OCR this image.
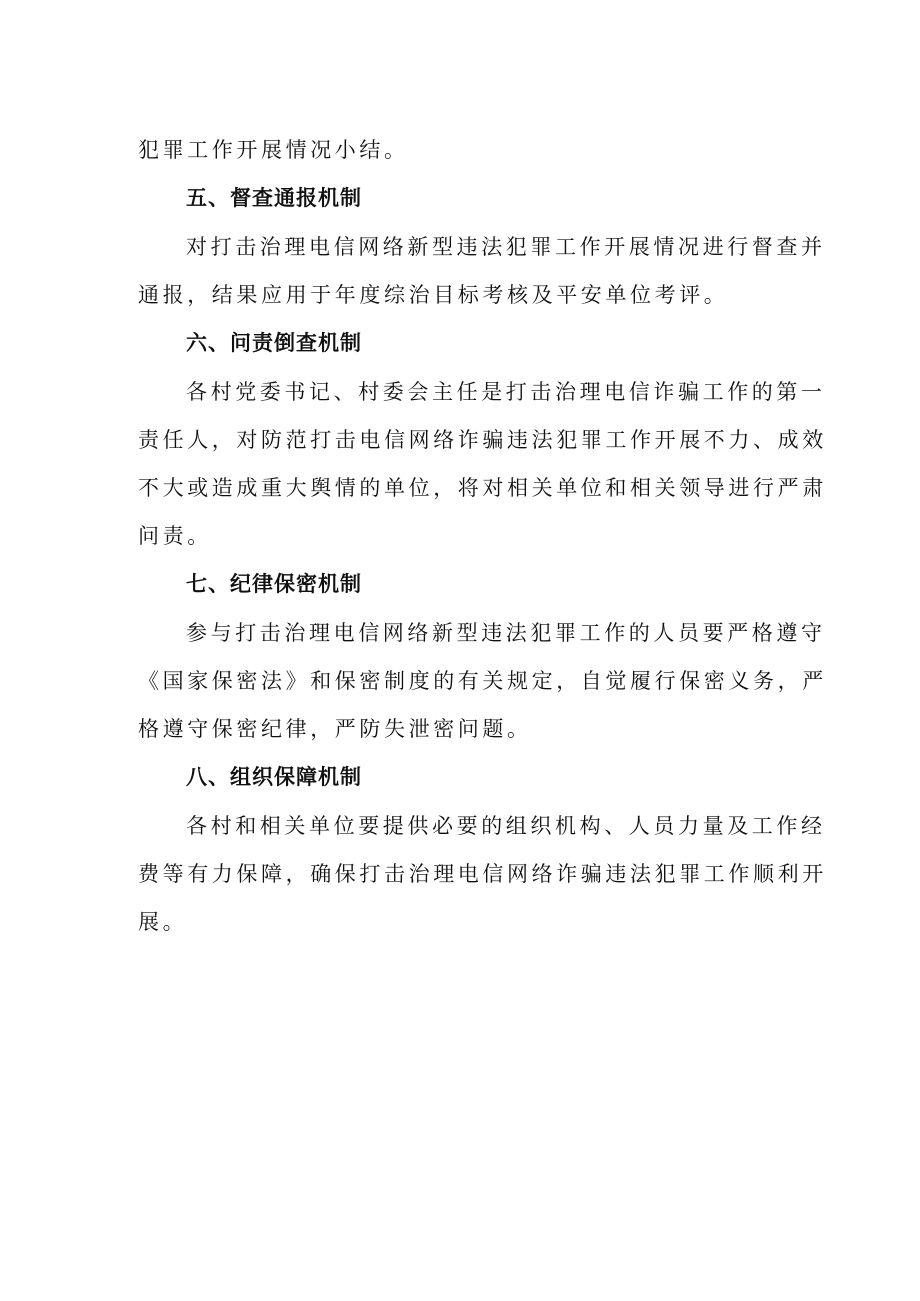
犯罪工作开展情况小结。
五、督查通报机制
对打击治理电信网络新型违法犯罪工作开展情况进行督查并
通报，结果应用于年度综治目标考核及平安单位考评。
六、问责倒查机制
各村党委书记、村委会主任是打击治理电信诈骗工作的第一
责任人，对防范打击电信网络诈骗违法犯罪工作开展不力、成效
不大或造成重大舆情的单位，将对相关单位和相关领导进行严肃
问责。
七、纪律保密机制
参与打击治理电信网络新型违法犯罪工作的人员要严格遵守
《国家保密法》和保密制度的有关规定，自觉履行保密义务，严
格遵守保密纪律，严防失泄密问题。
八、组织保障机制
各村和相关单位要提供必要的组织机构、人员力量及工作经
费等有力保障，确保打击治理电信网络诈骗违法犯罪工作顺利开
展。
